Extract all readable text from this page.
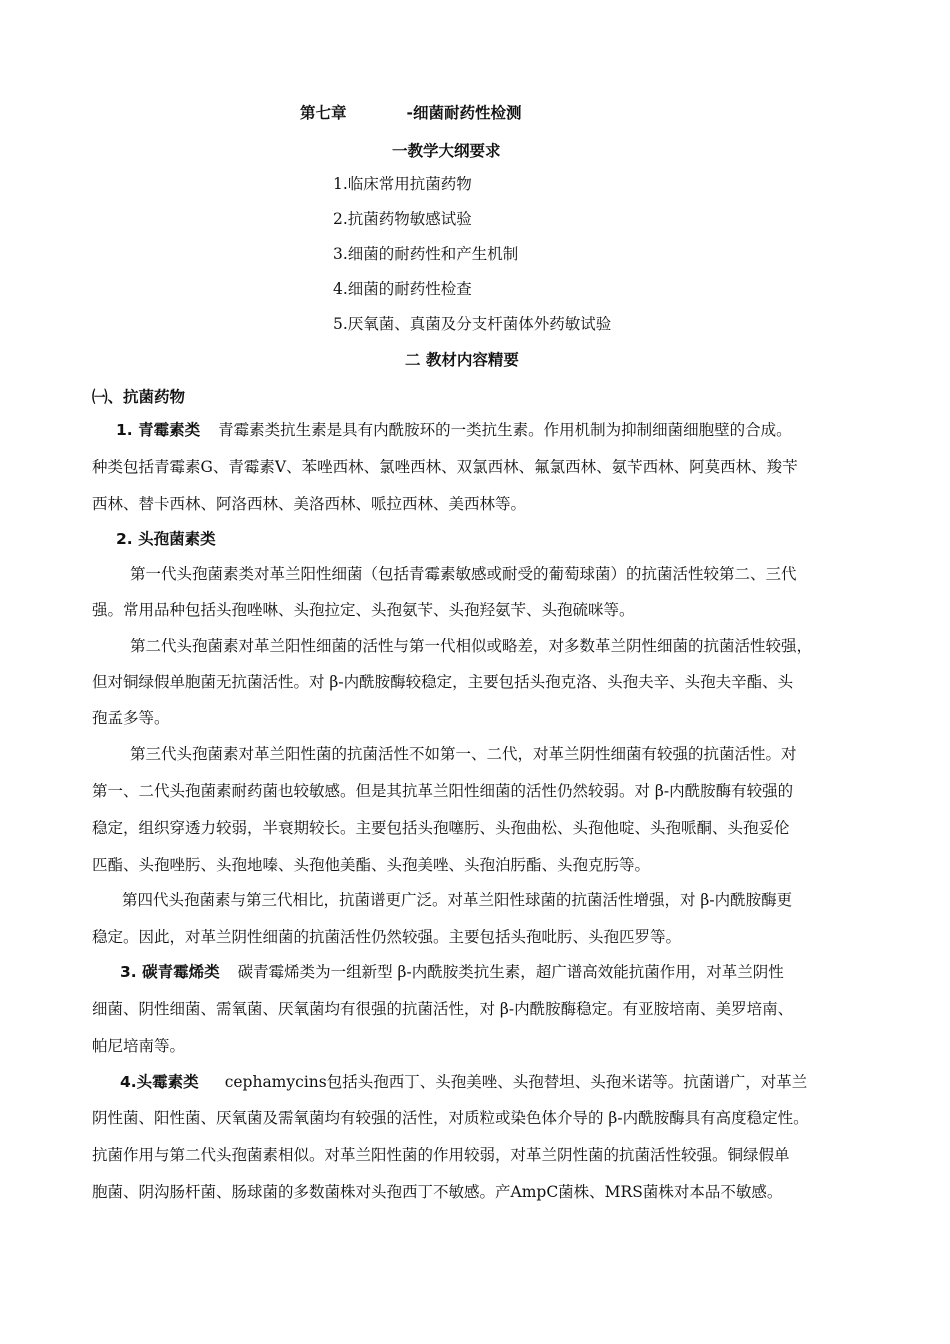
第七章	-细菌耐药性检测
一教学大纲要求
1.临床常用抗菌药物
2.抗菌药物敏感试验
3.细菌的耐药性和产生机制
4.细菌的耐药性检查
5.厌氧菌、真菌及分支杆菌体外药敏试验
二 教材内容精要
㈠、抗菌药物
1. 青霉素类 青霉素类抗生素是具有内酰胺环的一类抗生素。作用机制为抑制细菌细胞壁的合成。
种类包括青霉素G、青霉素V、苯唑西林、氯唑西林、双氯西林、氟氯西林、氨苄西林、阿莫西林、羧苄
西林、替卡西林、阿洛西林、美洛西林、哌拉西林、美西林等。
2. 头孢菌素类
第一代头孢菌素类对革兰阳性细菌（包括青霉素敏感或耐受的葡萄球菌）的抗菌活性较第二、三代
强。常用品种包括头孢唑啉、头孢拉定、头孢氨苄、头孢羟氨苄、头孢硫咪等。
第二代头孢菌素对革兰阳性细菌的活性与第一代相似或略差，对多数革兰阴性细菌的抗菌活性较强，
但对铜绿假单胞菌无抗菌活性。对 β-内酰胺酶较稳定，主要包括头孢克洛、头孢夫辛、头孢夫辛酯、头
孢孟多等。
第三代头孢菌素对革兰阳性菌的抗菌活性不如第一、二代，对革兰阴性细菌有较强的抗菌活性。对
第一、二代头孢菌素耐药菌也较敏感。但是其抗革兰阳性细菌的活性仍然较弱。对 β-内酰胺酶有较强的
稳定，组织穿透力较弱，半衰期较长。主要包括头孢噻肟、头孢曲松、头孢他啶、头孢哌酮、头孢妥伦
匹酯、头孢唑肟、头孢地嗪、头孢他美酯、头孢美唑、头孢泊肟酯、头孢克肟等。
第四代头孢菌素与第三代相比，抗菌谱更广泛。对革兰阳性球菌的抗菌活性增强，对 β-内酰胺酶更
稳定。因此，对革兰阴性细菌的抗菌活性仍然较强。主要包括头孢吡肟、头孢匹罗等。
3. 碳青霉烯类 碳青霉烯类为一组新型 β-内酰胺类抗生素，超广谱高效能抗菌作用，对革兰阴性
细菌、阴性细菌、需氧菌、厌氧菌均有很强的抗菌活性，对 β-内酰胺酶稳定。有亚胺培南、美罗培南、
帕尼培南等。
4.头霉素类 cephamycins包括头孢西丁、头孢美唑、头孢替坦、头孢米诺等。抗菌谱广，对革兰
阴性菌、阳性菌、厌氧菌及需氧菌均有较强的活性，对质粒或染色体介导的 β-内酰胺酶具有高度稳定性。
抗菌作用与第二代头孢菌素相似。对革兰阳性菌的作用较弱，对革兰阴性菌的抗菌活性较强。铜绿假单
胞菌、阴沟肠杆菌、肠球菌的多数菌株对头孢西丁不敏感。产AmpC菌株、MRS菌株对本品不敏感。
